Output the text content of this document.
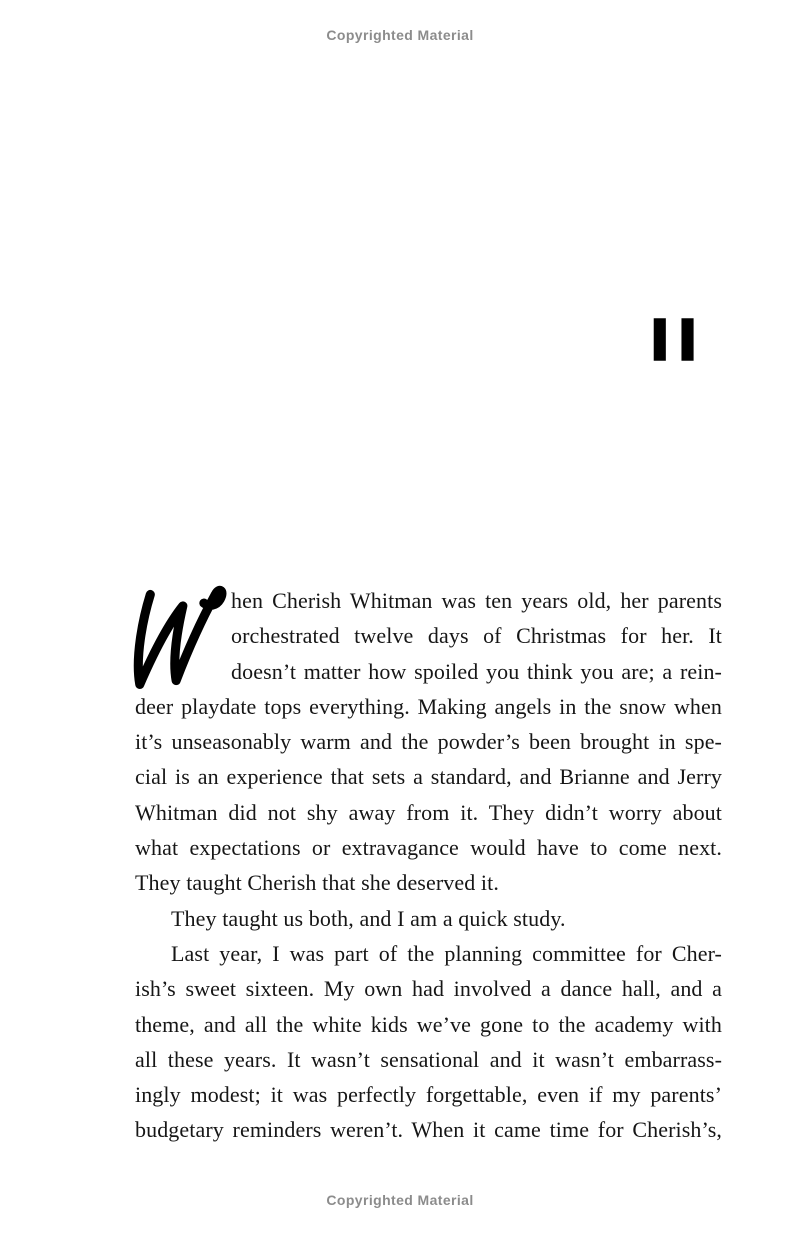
Copyrighted Material
II
hen Cherish Whitman was ten years old, her parents
orchestrated twelve days of Christmas for her. It
doesn’t matter how spoiled you think you are; a rein-
deer playdate tops everything. Making angels in the snow when
it’s unseasonably warm and the powder’s been brought in spe-
cial is an experience that sets a standard, and Brianne and Jerry
Whitman did not shy away from it. They didn’t worry about
what expectations or extravagance would have to come next.
They taught Cherish that she deserved it.
They taught us both, and I am a quick study.
Last year, I was part of the planning committee for Cher-
ish’s sweet sixteen. My own had involved a dance hall, and a
theme, and all the white kids we’ve gone to the academy with
all these years. It wasn’t sensational and it wasn’t embarrass-
ingly modest; it was perfectly forgettable, even if my parents’
budgetary reminders weren’t. When it came time for Cherish’s,
Copyrighted Material
